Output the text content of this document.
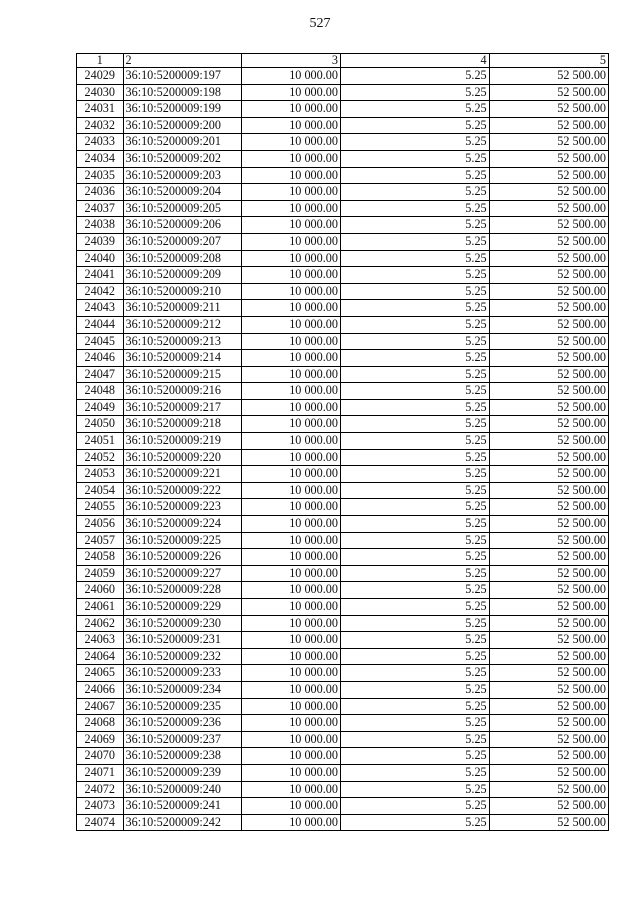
527
1	2	3	4	5
24029	36:10:5200009:197	10 000.00	5.25	52 500.00
24030	36:10:5200009:198	10 000.00	5.25	52 500.00
24031	36:10:5200009:199	10 000.00	5.25	52 500.00
24032	36:10:5200009:200	10 000.00	5.25	52 500.00
24033	36:10:5200009:201	10 000.00	5.25	52 500.00
24034	36:10:5200009:202	10 000.00	5.25	52 500.00
24035	36:10:5200009:203	10 000.00	5.25	52 500.00
24036	36:10:5200009:204	10 000.00	5.25	52 500.00
24037	36:10:5200009:205	10 000.00	5.25	52 500.00
24038	36:10:5200009:206	10 000.00	5.25	52 500.00
24039	36:10:5200009:207	10 000.00	5.25	52 500.00
24040	36:10:5200009:208	10 000.00	5.25	52 500.00
24041	36:10:5200009:209	10 000.00	5.25	52 500.00
24042	36:10:5200009:210	10 000.00	5.25	52 500.00
24043	36:10:5200009:211	10 000.00	5.25	52 500.00
24044	36:10:5200009:212	10 000.00	5.25	52 500.00
24045	36:10:5200009:213	10 000.00	5.25	52 500.00
24046	36:10:5200009:214	10 000.00	5.25	52 500.00
24047	36:10:5200009:215	10 000.00	5.25	52 500.00
24048	36:10:5200009:216	10 000.00	5.25	52 500.00
24049	36:10:5200009:217	10 000.00	5.25	52 500.00
24050	36:10:5200009:218	10 000.00	5.25	52 500.00
24051	36:10:5200009:219	10 000.00	5.25	52 500.00
24052	36:10:5200009:220	10 000.00	5.25	52 500.00
24053	36:10:5200009:221	10 000.00	5.25	52 500.00
24054	36:10:5200009:222	10 000.00	5.25	52 500.00
24055	36:10:5200009:223	10 000.00	5.25	52 500.00
24056	36:10:5200009:224	10 000.00	5.25	52 500.00
24057	36:10:5200009:225	10 000.00	5.25	52 500.00
24058	36:10:5200009:226	10 000.00	5.25	52 500.00
24059	36:10:5200009:227	10 000.00	5.25	52 500.00
24060	36:10:5200009:228	10 000.00	5.25	52 500.00
24061	36:10:5200009:229	10 000.00	5.25	52 500.00
24062	36:10:5200009:230	10 000.00	5.25	52 500.00
24063	36:10:5200009:231	10 000.00	5.25	52 500.00
24064	36:10:5200009:232	10 000.00	5.25	52 500.00
24065	36:10:5200009:233	10 000.00	5.25	52 500.00
24066	36:10:5200009:234	10 000.00	5.25	52 500.00
24067	36:10:5200009:235	10 000.00	5.25	52 500.00
24068	36:10:5200009:236	10 000.00	5.25	52 500.00
24069	36:10:5200009:237	10 000.00	5.25	52 500.00
24070	36:10:5200009:238	10 000.00	5.25	52 500.00
24071	36:10:5200009:239	10 000.00	5.25	52 500.00
24072	36:10:5200009:240	10 000.00	5.25	52 500.00
24073	36:10:5200009:241	10 000.00	5.25	52 500.00
24074	36:10:5200009:242	10 000.00	5.25	52 500.00
